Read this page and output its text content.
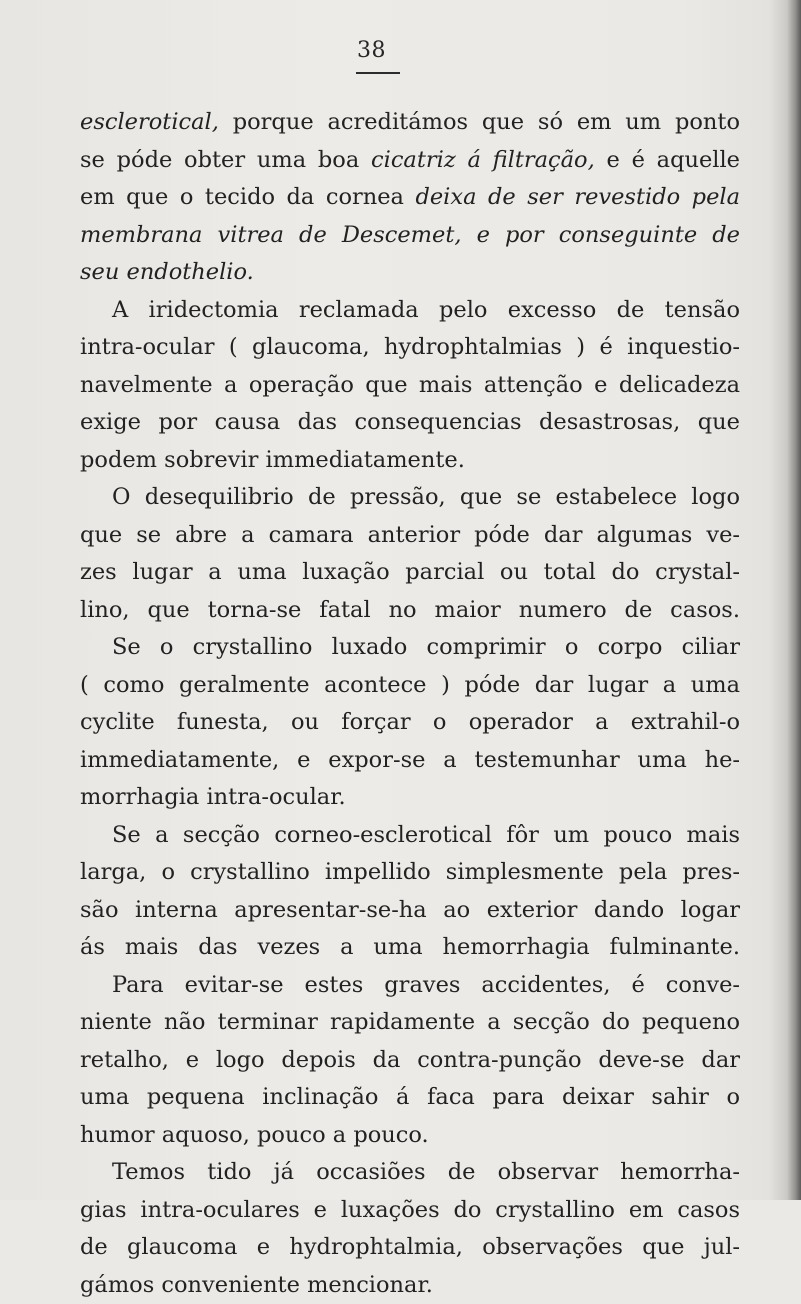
38
esclerotical, porque acreditámos que só em um ponto
se póde obter uma boa cicatriz á filtração, e é aquelle
em que o tecido da cornea deixa de ser revestido pela
membrana vitrea de Descemet, e por conseguinte de
seu endothelio.
A iridectomia reclamada pelo excesso de tensão
intra-ocular ( glaucoma, hydrophtalmias ) é inquestio-
navelmente a operação que mais attenção e delicadeza
exige por causa das consequencias desastrosas, que
podem sobrevir immediatamente.
O desequilibrio de pressão, que se estabelece logo
que se abre a camara anterior póde dar algumas ve-
zes lugar a uma luxação parcial ou total do crystal-
lino, que torna-se fatal no maior numero de casos.
Se o crystallino luxado comprimir o corpo ciliar
( como geralmente acontece ) póde dar lugar a uma
cyclite funesta, ou forçar o operador a extrahil-o
immediatamente, e expor-se a testemunhar uma he-
morrhagia intra-ocular.
Se a secção corneo-esclerotical fôr um pouco mais
larga, o crystallino impellido simplesmente pela pres-
são interna apresentar-se-ha ao exterior dando logar
ás mais das vezes a uma hemorrhagia fulminante.
Para evitar-se estes graves accidentes, é conve-
niente não terminar rapidamente a secção do pequeno
retalho, e logo depois da contra-punção deve-se dar
uma pequena inclinação á faca para deixar sahir o
humor aquoso, pouco a pouco.
Temos tido já occasiões de observar hemorrha-
gias intra-oculares e luxações do crystallino em casos
de glaucoma e hydrophtalmia, observações que jul-
gámos conveniente mencionar.
